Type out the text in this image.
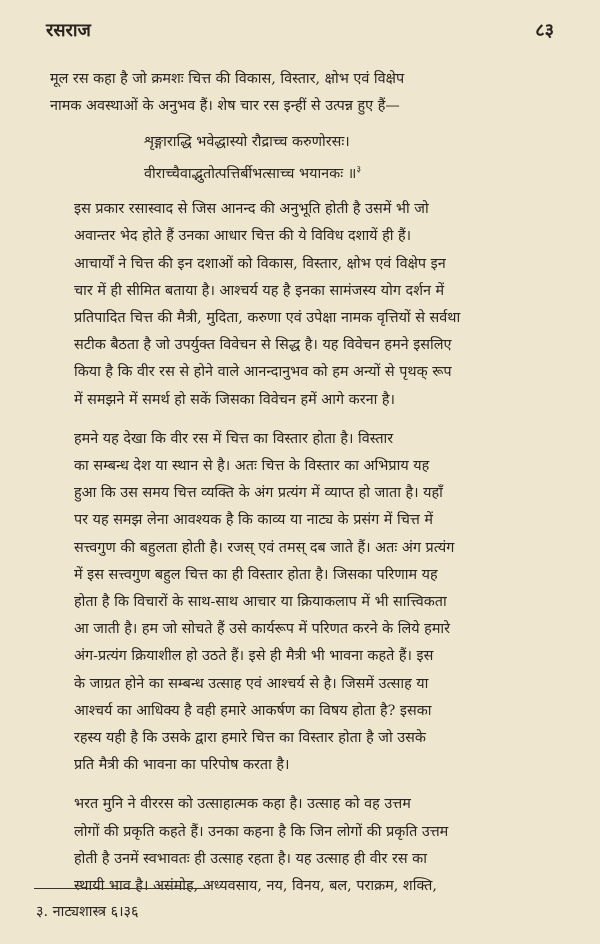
रसराज	८३

मूल रस कहा है जो क्रमशः चित्त की विकास, विस्तार, क्षोभ एवं विक्षेप
नामक अवस्थाओं के अनुभव हैं। शेष चार रस इन्हीं से उत्पन्न हुए हैं—

शृङ्गाराद्धि भवेद्धास्यो रौद्राच्च करुणोरसः।
वीराच्चैवाद्भुतोत्पत्तिर्बीभत्साच्च भयानकः ॥$^३$

इस प्रकार रसास्वाद से जिस आनन्द की अनुभूति होती है उसमें भी जो
अवान्तर भेद होते हैं उनका आधार चित्त की ये विविध दशायें ही हैं।
आचार्यों ने चित्त की इन दशाओं को विकास, विस्तार, क्षोभ एवं विक्षेप इन
चार में ही सीमित बताया है। आश्चर्य यह है इनका सामंजस्य योग दर्शन में
प्रतिपादित चित्त की मैत्री, मुदिता, करुणा एवं उपेक्षा नामक वृत्तियों से सर्वथा
सटीक बैठता है जो उपर्युक्त विवेचन से सिद्ध है। यह विवेचन हमने इसलिए
किया है कि वीर रस से होने वाले आनन्दानुभव को हम अन्यों से पृथक् रूप
में समझने में समर्थ हो सकें जिसका विवेचन हमें आगे करना है।

हमने यह देखा कि वीर रस में चित्त का विस्तार होता है। विस्तार
का सम्बन्ध देश या स्थान से है। अतः चित्त के विस्तार का अभिप्राय यह
हुआ कि उस समय चित्त व्यक्ति के अंग प्रत्यंग में व्याप्त हो जाता है। यहाँ
पर यह समझ लेना आवश्यक है कि काव्य या नाट्य के प्रसंग में चित्त में
सत्त्वगुण की बहुलता होती है। रजस् एवं तमस् दब जाते हैं। अतः अंग प्रत्यंग
में इस सत्त्वगुण बहुल चित्त का ही विस्तार होता है। जिसका परिणाम यह
होता है कि विचारों के साथ-साथ आचार या क्रियाकलाप में भी सात्त्विकता
आ जाती है। हम जो सोचते हैं उसे कार्यरूप में परिणत करने के लिये हमारे
अंग-प्रत्यंग क्रियाशील हो उठते हैं। इसे ही मैत्री भी भावना कहते हैं। इस
के जाग्रत होने का सम्बन्ध उत्साह एवं आश्चर्य से है। जिसमें उत्साह या
आश्चर्य का आधिक्य है वही हमारे आकर्षण का विषय होता है? इसका
रहस्य यही है कि उसके द्वारा हमारे चित्त का विस्तार होता है जो उसके
प्रति मैत्री की भावना का परिपोष करता है।

भरत मुनि ने वीररस को उत्साहात्मक कहा है। उत्साह को वह उत्तम
लोगों की प्रकृति कहते हैं। उनका कहना है कि जिन लोगों की प्रकृति उत्तम
होती है उनमें स्वभावतः ही उत्साह रहता है। यह उत्साह ही वीर रस का
स्थायी भाव है। असंमोह, अध्यवसाय, नय, विनय, बल, पराक्रम, शक्ति,

३. नाट्यशास्त्र ६।३६
